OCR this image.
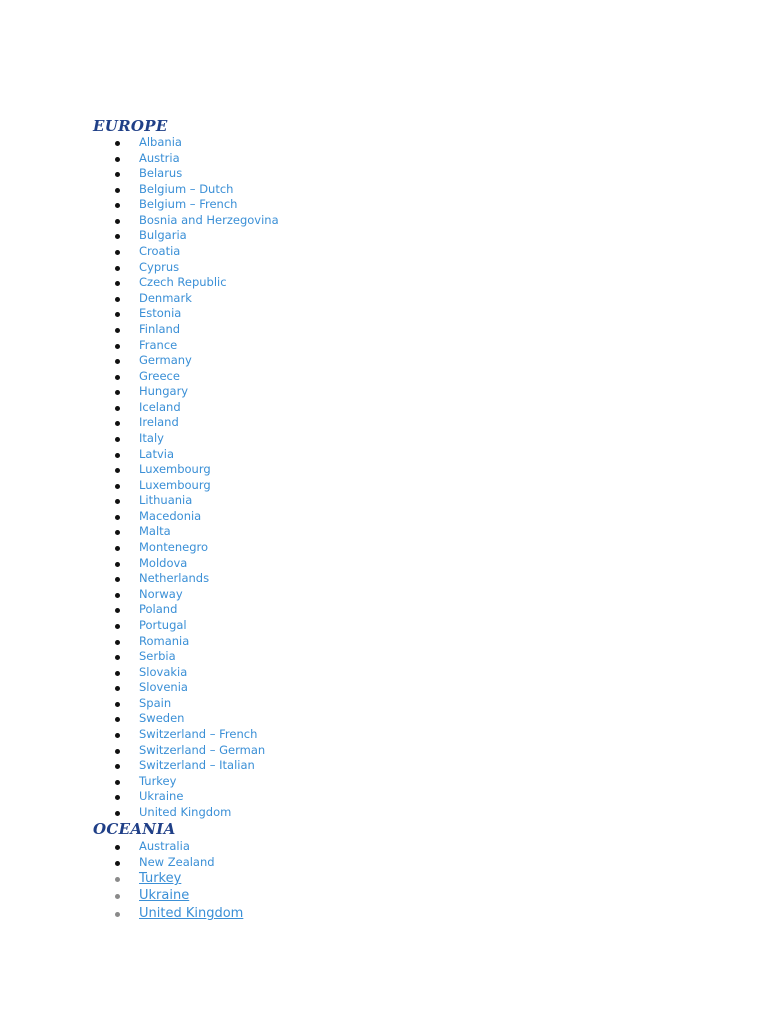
EUROPE
Albania
Austria
Belarus
Belgium – Dutch
Belgium – French
Bosnia and Herzegovina
Bulgaria
Croatia
Cyprus
Czech Republic
Denmark
Estonia
Finland
France
Germany
Greece
Hungary
Iceland
Ireland
Italy
Latvia
Luxembourg
Luxembourg
Lithuania
Macedonia
Malta
Montenegro
Moldova
Netherlands
Norway
Poland
Portugal
Romania
Serbia
Slovakia
Slovenia
Spain
Sweden
Switzerland – French
Switzerland – German
Switzerland – Italian
Turkey
Ukraine
United Kingdom
OCEANIA
Australia
New Zealand
Turkey
Ukraine
United Kingdom
